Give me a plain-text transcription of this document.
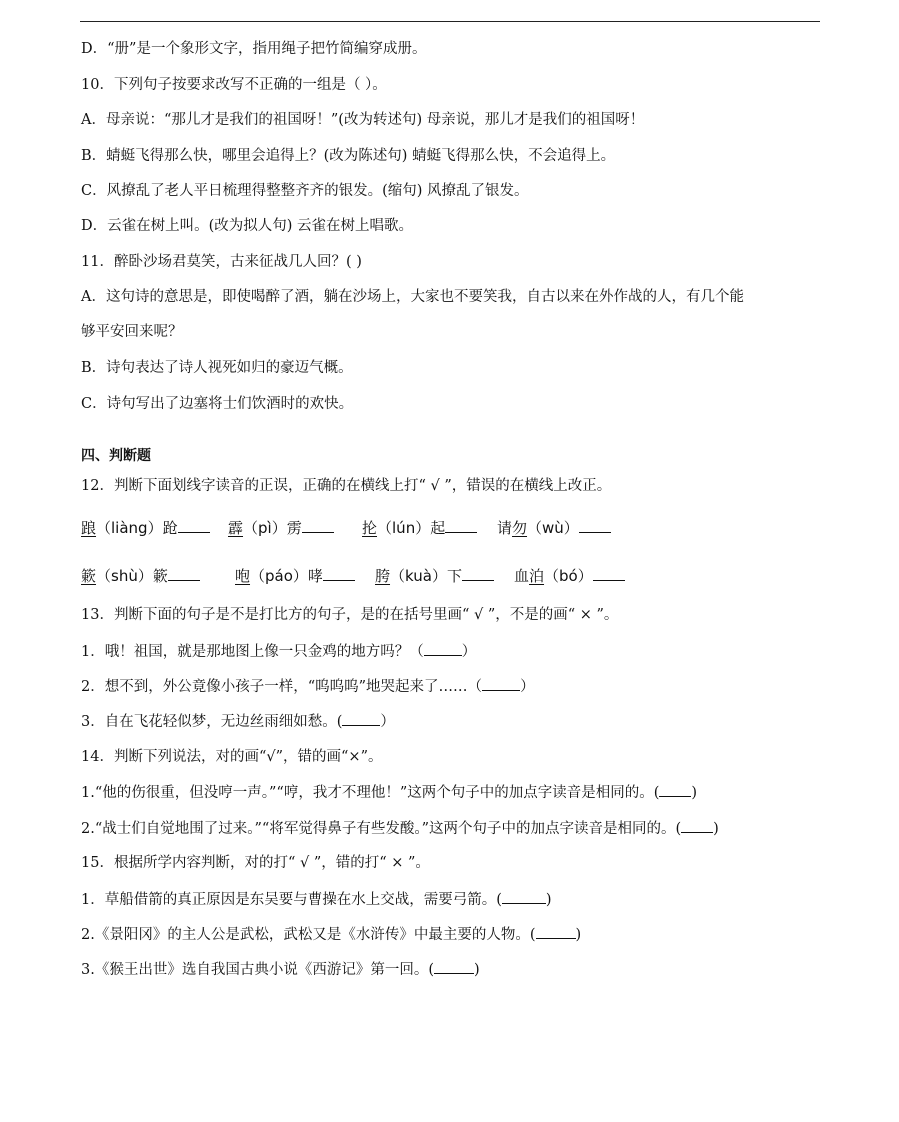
D．“册”是一个象形文字，指用绳子把竹简编穿成册。
10．下列句子按要求改写不正确的一组是（ ）。
A．母亲说：“那儿才是我们的祖国呀！”(改为转述句) 母亲说，那儿才是我们的祖国呀！
B．蜻蜓飞得那么快，哪里会追得上？(改为陈述句) 蜻蜓飞得那么快，不会追得上。
C．风撩乱了老人平日梳理得整整齐齐的银发。(缩句) 风撩乱了银发。
D．云雀在树上叫。(改为拟人句) 云雀在树上唱歌。
11．醉卧沙场君莫笑，古来征战几人回？( )
A．这句诗的意思是，即使喝醉了酒，躺在沙场上，大家也不要笑我，自古以来在外作战的人，有几个能
够平安回来呢？
B．诗句表达了诗人视死如归的豪迈气概。
C．诗句写出了边塞将士们饮酒时的欢快。
四、判断题
12．判断下面划线字读音的正误，正确的在横线上打“ √ ”，错误的在横线上改正。
踉（liàng）跄	霹（pì）雳	抡（lún）起	请勿（wù）
簌（shù）簌	咆（páo）哮	胯（kuà）下	血泊（bó）
13．判断下面的句子是不是打比方的句子，是的在括号里画“ √ ”，不是的画“ × ”。
1．哦！祖国，就是那地图上像一只金鸡的地方吗？（	）
2．想不到，外公竟像小孩子一样，“呜呜呜”地哭起来了……（	）
3．自在飞花轻似梦，无边丝雨细如愁。(	）
14．判断下列说法，对的画“√”，错的画“×”。
1.“他的伤很重，但没哼一声。”“哼，我才不理他！”这两个句子中的加点字读音是相同的。( )
2.“战士们自觉地围了过来。”“将军觉得鼻子有些发酸。”这两个句子中的加点字读音是相同的。( )
15．根据所学内容判断，对的打“ √ ”，错的打“ × ”。
1．草船借箭的真正原因是东吴要与曹操在水上交战，需要弓箭。(	)
2.《景阳冈》的主人公是武松，武松又是《水浒传》中最主要的人物。(	)
3.《猴王出世》选自我国古典小说《西游记》第一回。(	)
